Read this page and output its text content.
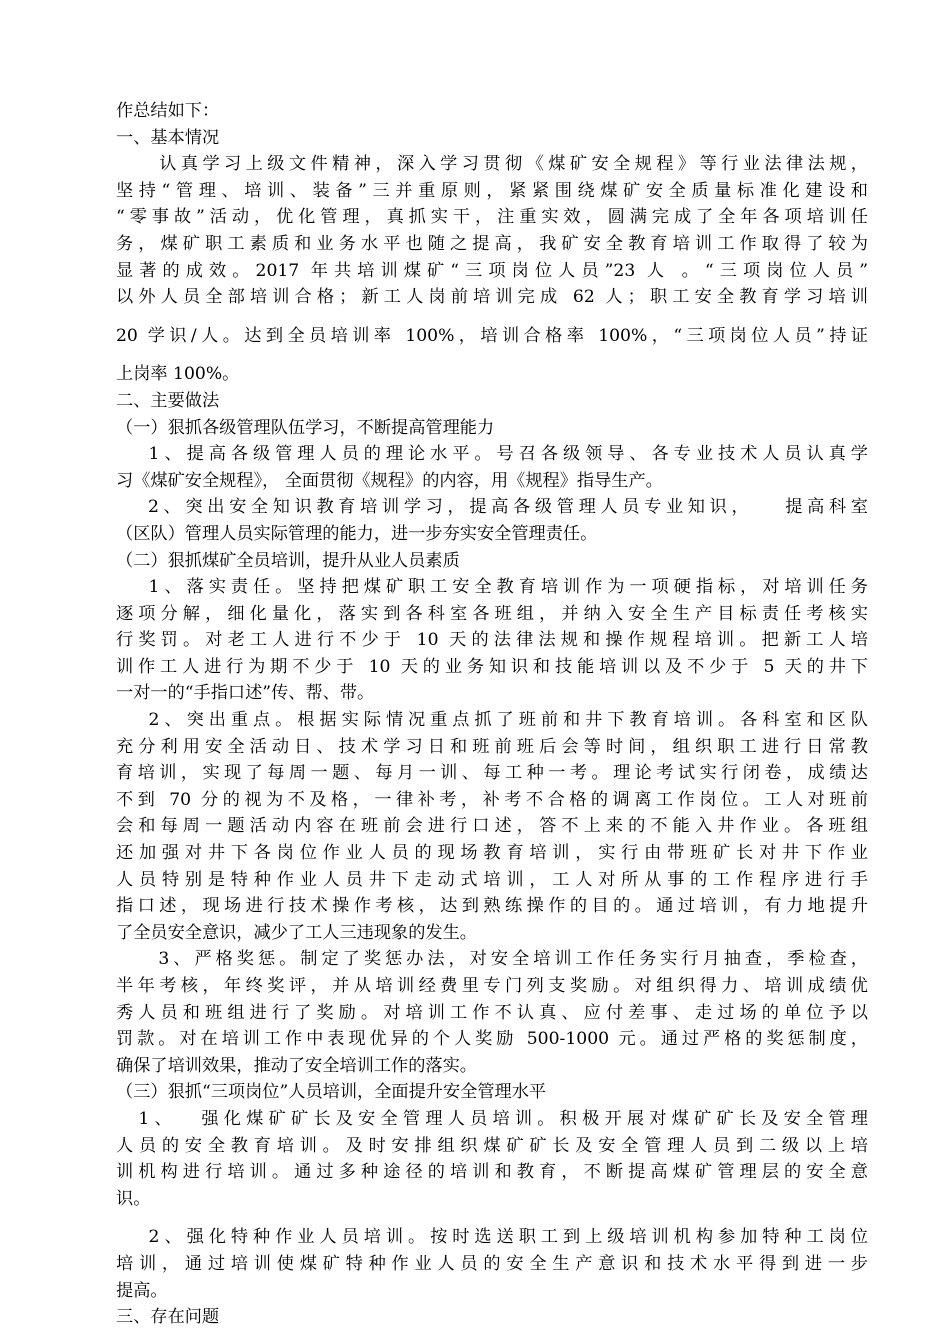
作总结如下：
一、基本情况
　　认真学习上级文件精神，深入学习贯彻《煤矿安全规程》等行业法律法规，
坚持“管理、培训、装备”三并重原则，紧紧围绕煤矿安全质量标准化建设和
“零事故”活动，优化管理，真抓实干，注重实效，圆满完成了全年各项培训任
务，煤矿职工素质和业务水平也随之提高，我矿安全教育培训工作取得了较为
显著的成效。2017 年共培训煤矿“三项岗位人员”23 人 。“三项岗位人员”
以外人员全部培训合格；新工人岗前培训完成 62 人；职工安全教育学习培训
20 学识/人。达到全员培训率 100%，培训合格率 100%，“三项岗位人员”持证
上岗率 100%。
二、主要做法
（一）狠抓各级管理队伍学习，不断提高管理能力
　 1、提高各级管理人员的理论水平。号召各级领导、各专业技术人员认真学
习《煤矿安全规程》， 全面贯彻《规程》的内容，用《规程》指导生产。
　 2、突出安全知识教育培训学习，提高各级管理人员专业知识， 　提高科室
（区队）管理人员实际管理的能力，进一步夯实安全管理责任。
（二）狠抓煤矿全员培训，提升从业人员素质
　 1、落实责任。坚持把煤矿职工安全教育培训作为一项硬指标，对培训任务
逐项分解，细化量化，落实到各科室各班组，并纳入安全生产目标责任考核实
行奖罚。对老工人进行不少于 10 天的法律法规和操作规程培训。把新工人培
训作工人进行为期不少于 10 天的业务知识和技能培训以及不少于 5 天的井下
一对一的“手指口述”传、帮、带。
　 2、突出重点。根据实际情况重点抓了班前和井下教育培训。各科室和区队
充分利用安全活动日、技术学习日和班前班后会等时间，组织职工进行日常教
育培训，实现了每周一题、每月一训、每工种一考。理论考试实行闭卷，成绩达
不到 70 分的视为不及格，一律补考，补考不合格的调离工作岗位。工人对班前
会和每周一题活动内容在班前会进行口述，答不上来的不能入井作业。各班组
还加强对井下各岗位作业人员的现场教育培训，实行由带班矿长对井下作业
人员特别是特种作业人员井下走动式培训，工人对所从事的工作程序进行手
指口述，现场进行技术操作考核，达到熟练操作的目的。通过培训，有力地提升
了全员安全意识，减少了工人三违现象的发生。
　　3、严格奖惩。制定了奖惩办法，对安全培训工作任务实行月抽查，季检查，
半年考核，年终奖评，并从培训经费里专门列支奖励。对组织得力、培训成绩优
秀人员和班组进行了奖励。对培训工作不认真、应付差事、走过场的单位予以
罚款。对在培训工作中表现优异的个人奖励 500-1000 元。通过严格的奖惩制度，
确保了培训效果，推动了安全培训工作的落实。
（三）狠抓“三项岗位”人员培训，全面提升安全管理水平
　1、　 强化煤矿矿长及安全管理人员培训。积极开展对煤矿矿长及安全管理
人员的安全教育培训。及时安排组织煤矿矿长及安全管理人员到二级以上培
训机构进行培训。通过多种途径的培训和教育，不断提高煤矿管理层的安全意
识。
　 2、强化特种作业人员培训。按时选送职工到上级培训机构参加特种工岗位
培训，通过培训使煤矿特种作业人员的安全生产意识和技术水平得到进一步
提高。
三、存在问题
